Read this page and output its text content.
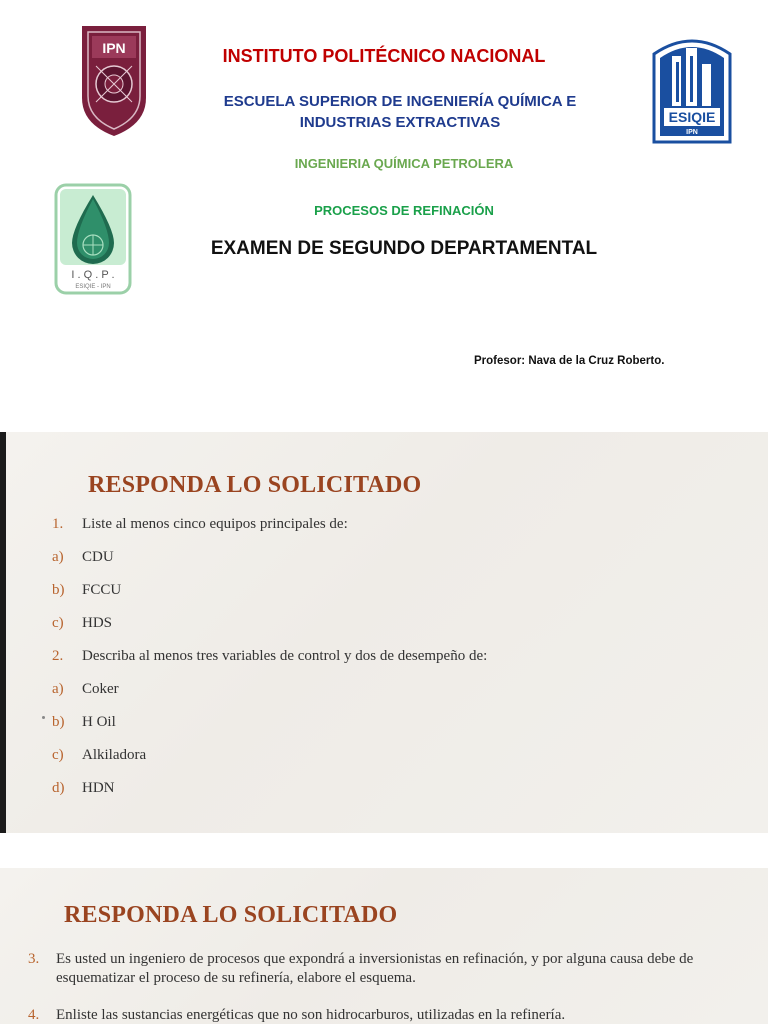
IPN
ESIQIE
IPN
I . Q . P .
ESIQIE - IPN
INSTITUTO POLITÉCNICO NACIONAL
ESCUELA SUPERIOR DE INGENIERÍA QUÍMICA E INDUSTRIAS EXTRACTIVAS
INGENIERIA QUÍMICA PETROLERA
PROCESOS DE REFINACIÓN
EXAMEN DE SEGUNDO DEPARTAMENTAL
Profesor: Nava de la Cruz Roberto.
RESPONDA LO SOLICITADO
1.	Liste al menos cinco equipos principales de:
a)	CDU
b)	FCCU
c)	HDS
2.	Describa al menos tres variables de control y dos de desempeño de:
a)	Coker
b)	H Oil
c)	Alkiladora
d)	HDN
RESPONDA LO SOLICITADO
3.	Es usted un ingeniero de procesos que expondrá a inversionistas en refinación, y por alguna causa debe de esquematizar el proceso de su refinería, elabore el esquema.
4.	Enliste las sustancias energéticas que no son hidrocarburos, utilizadas en la refinería.
